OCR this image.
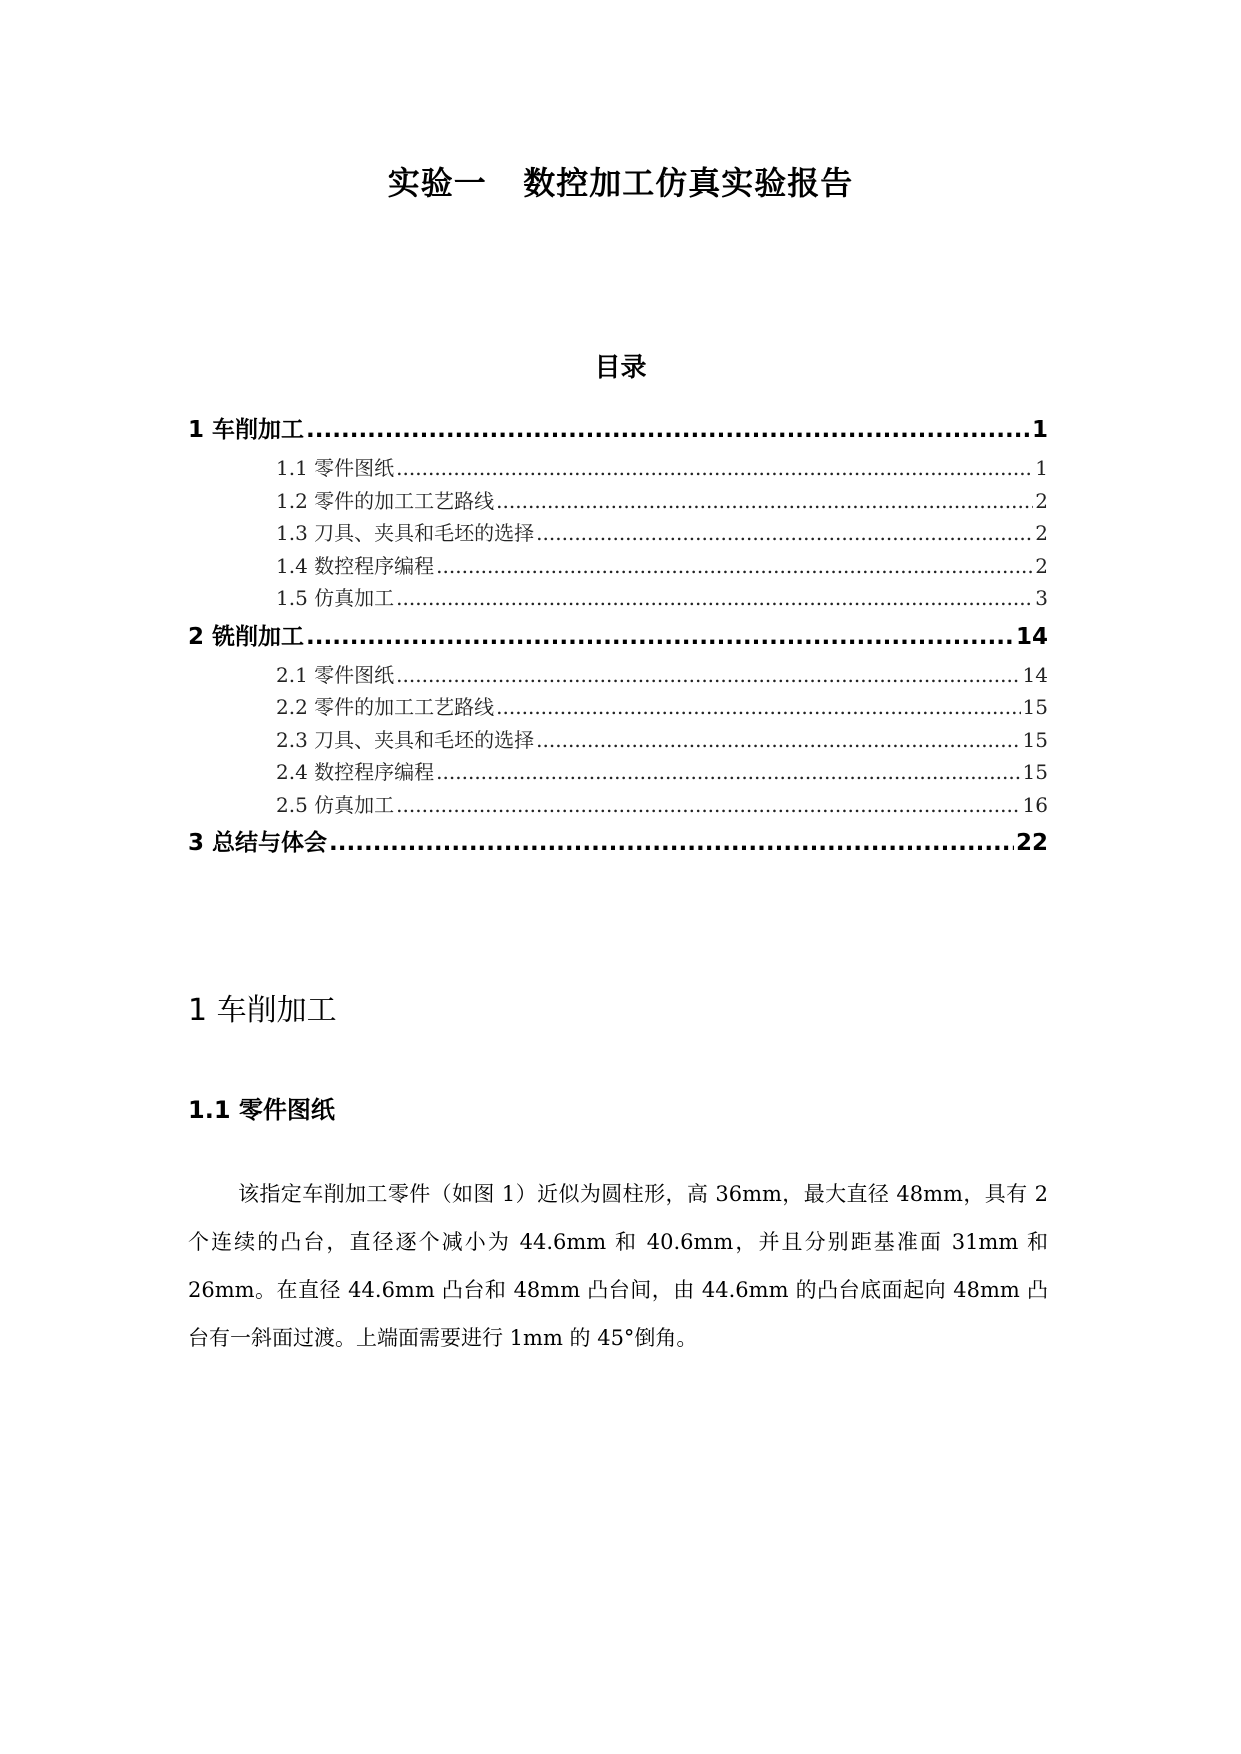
实验一   数控加工仿真实验报告
目录
1 车削加工 .....	1
1.1 零件图纸 .....	1
1.2 零件的加工工艺路线 .....	2
1.3 刀具、夹具和毛坯的选择 .....	2
1.4 数控程序编程 .....	2
1.5 仿真加工 .....	3
2 铣削加工 .....	14
2.1 零件图纸 .....	14
2.2 零件的加工工艺路线 .....	15
2.3 刀具、夹具和毛坯的选择 .....	15
2.4 数控程序编程 .....	15
2.5 仿真加工 .....	16
3 总结与体会 .....	22
1 车削加工
1.1 零件图纸
该指定车削加工零件（如图 1）近似为圆柱形，高 36mm，最大直径 48mm，具有 2 个连续的凸台，直径逐个减小为 44.6mm 和 40.6mm，并且分别距基准面 31mm 和 26mm。在直径 44.6mm 凸台和 48mm 凸台间，由 44.6mm 的凸台底面起向 48mm 凸台有一斜面过渡。上端面需要进行 1mm 的 45°倒角。
